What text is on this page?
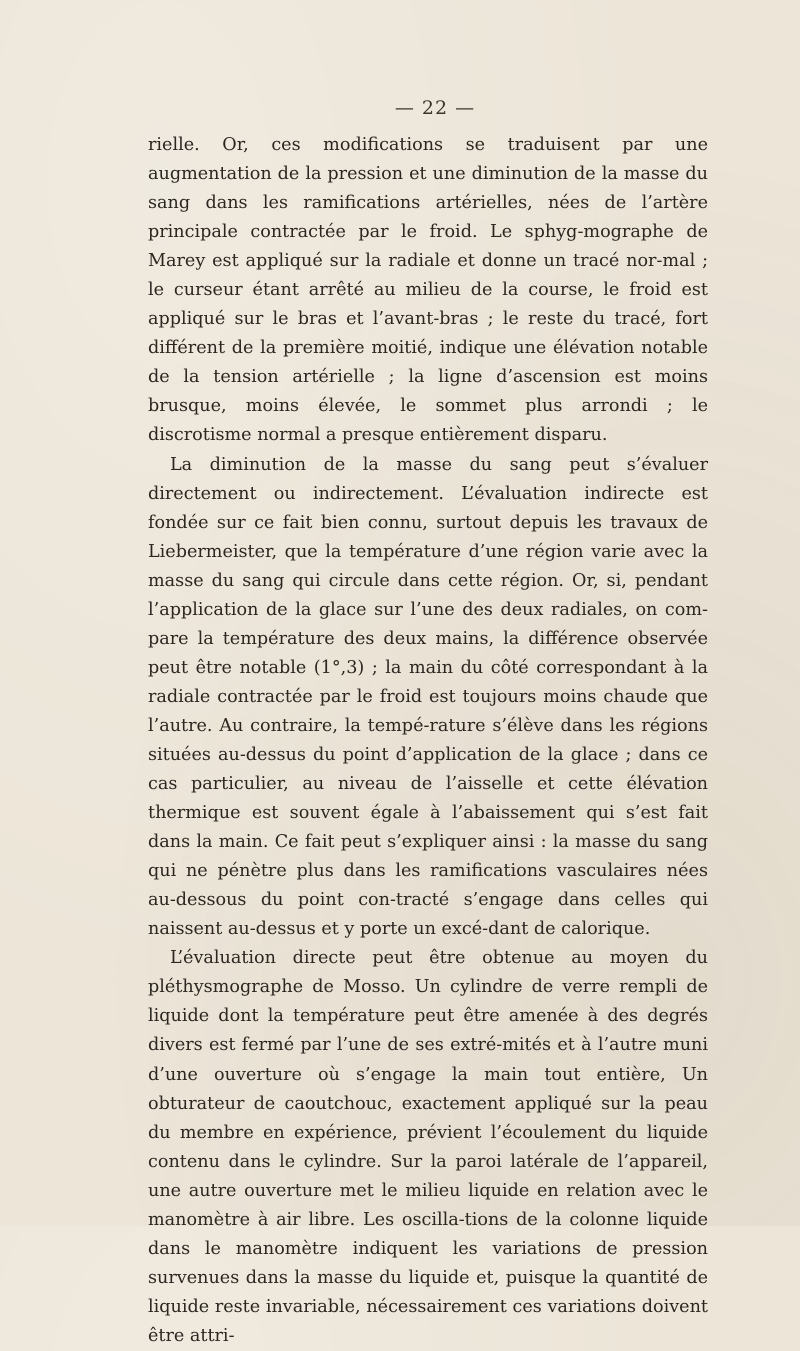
— 22 —

rielle. Or, ces modifications se traduisent par une augmentation de la pression et une diminution de la masse du sang dans les ramifications artérielles, nées de l’artère principale contractée par le froid. Le sphyg-mographe de Marey est appliqué sur la radiale et donne un tracé nor-mal ; le curseur étant arrêté au milieu de la course, le froid est appliqué sur le bras et l’avant-bras ; le reste du tracé, fort différent de la première moitié, indique une élévation notable de la tension artérielle ; la ligne d’ascension est moins brusque, moins élevée, le sommet plus arrondi ; le discrotisme normal a presque entièrement disparu.

La diminution de la masse du sang peut s’évaluer directement ou indirectement. L’évaluation indirecte est fondée sur ce fait bien connu, surtout depuis les travaux de Liebermeister, que la température d’une région varie avec la masse du sang qui circule dans cette région. Or, si, pendant l’application de la glace sur l’une des deux radiales, on com-pare la température des deux mains, la différence observée peut être notable (1°,3) ; la main du côté correspondant à la radiale contractée par le froid est toujours moins chaude que l’autre. Au contraire, la tempé-rature s’élève dans les régions situées au-dessus du point d’application de la glace ; dans ce cas particulier, au niveau de l’aisselle et cette élévation thermique est souvent égale à l’abaissement qui s’est fait dans la main. Ce fait peut s’expliquer ainsi : la masse du sang qui ne pénètre plus dans les ramifications vasculaires nées au-dessous du point con-tracté s’engage dans celles qui naissent au-dessus et y porte un excé-dant de calorique.

L’évaluation directe peut être obtenue au moyen du pléthysmographe de Mosso. Un cylindre de verre rempli de liquide dont la température peut être amenée à des degrés divers est fermé par l’une de ses extré-mités et à l’autre muni d’une ouverture où s’engage la main tout entière, Un obturateur de caoutchouc, exactement appliqué sur la peau du membre en expérience, prévient l’écoulement du liquide contenu dans le cylindre. Sur la paroi latérale de l’appareil, une autre ouverture met le milieu liquide en relation avec le manomètre à air libre. Les oscilla-tions de la colonne liquide dans le manomètre indiquent les variations de pression survenues dans la masse du liquide et, puisque la quantité de liquide reste invariable, nécessairement ces variations doivent être attri-
